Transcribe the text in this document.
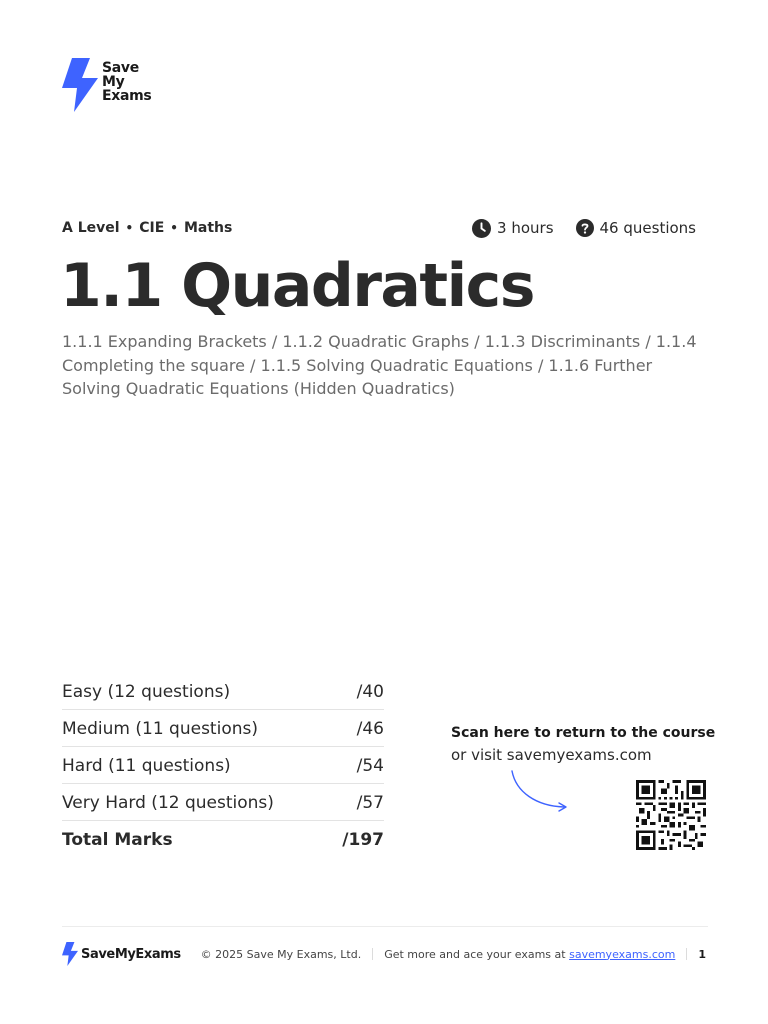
Save
My
Exams
A Level • CIE • Maths	3 hours	46 questions
1.1 Quadratics

1.1.1 Expanding Brackets / 1.1.2 Quadratic Graphs / 1.1.3 Discriminants / 1.1.4 Completing the square / 1.1.5 Solving Quadratic Equations / 1.1.6 Further Solving Quadratic Equations (Hidden Quadratics)

Easy (12 questions)	/40
Medium (11 questions)	/46
Hard (11 questions)	/54
Very Hard (12 questions)	/57
Total Marks	/197
Scan here to return to the course
or visit savemyexams.com
SaveMyExams © 2025 Save My Exams, Ltd. Get more and ace your exams at
savemyexams.com 1
